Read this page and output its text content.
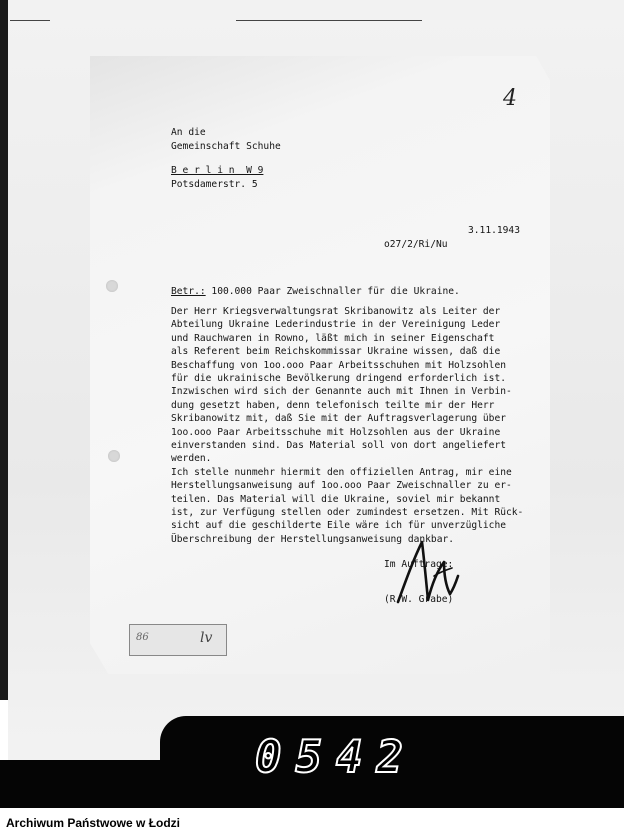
4
An die
Gemeinschaft Schuhe
B e r l i n  W 9
Potsdamerstr. 5
3.11.1943
o27/2/Ri/Nu
Betr.: 100.000 Paar Zweischnaller für die Ukraine.
Der Herr Kriegsverwaltungsrat Skribanowitz als Leiter der
Abteilung Ukraine Lederindustrie in der Vereinigung Leder
und Rauchwaren in Rowno, läßt mich in seiner Eigenschaft
als Referent beim Reichskommissar Ukraine wissen, daß die
Beschaffung von 1oo.ooo Paar Arbeitsschuhen mit Holzsohlen
für die ukrainische Bevölkerung dringend erforderlich ist.
Inzwischen wird sich der Genannte auch mit Ihnen in Verbin-
dung gesetzt haben, denn telefonisch teilte mir der Herr
Skribanowitz mit, daß Sie mit der Auftragsverlagerung über
1oo.ooo Paar Arbeitsschuhe mit Holzsohlen aus der Ukraine
einverstanden sind. Das Material soll von dort angeliefert
werden.
Ich stelle nunmehr hiermit den offiziellen Antrag, mir eine
Herstellungsanweisung auf 1oo.ooo Paar Zweischnaller zu er-
teilen. Das Material will die Ukraine, soviel mir bekannt
ist, zur Verfügung stellen oder zumindest ersetzen. Mit Rück-
sicht auf die geschilderte Eile wäre ich für unverzügliche
Überschreibung der Herstellungsanweisung dankbar.
Im Auftrage:
(R.W. Grabe)
86	lv
0542
Archiwum Państwowe w Łodzi
